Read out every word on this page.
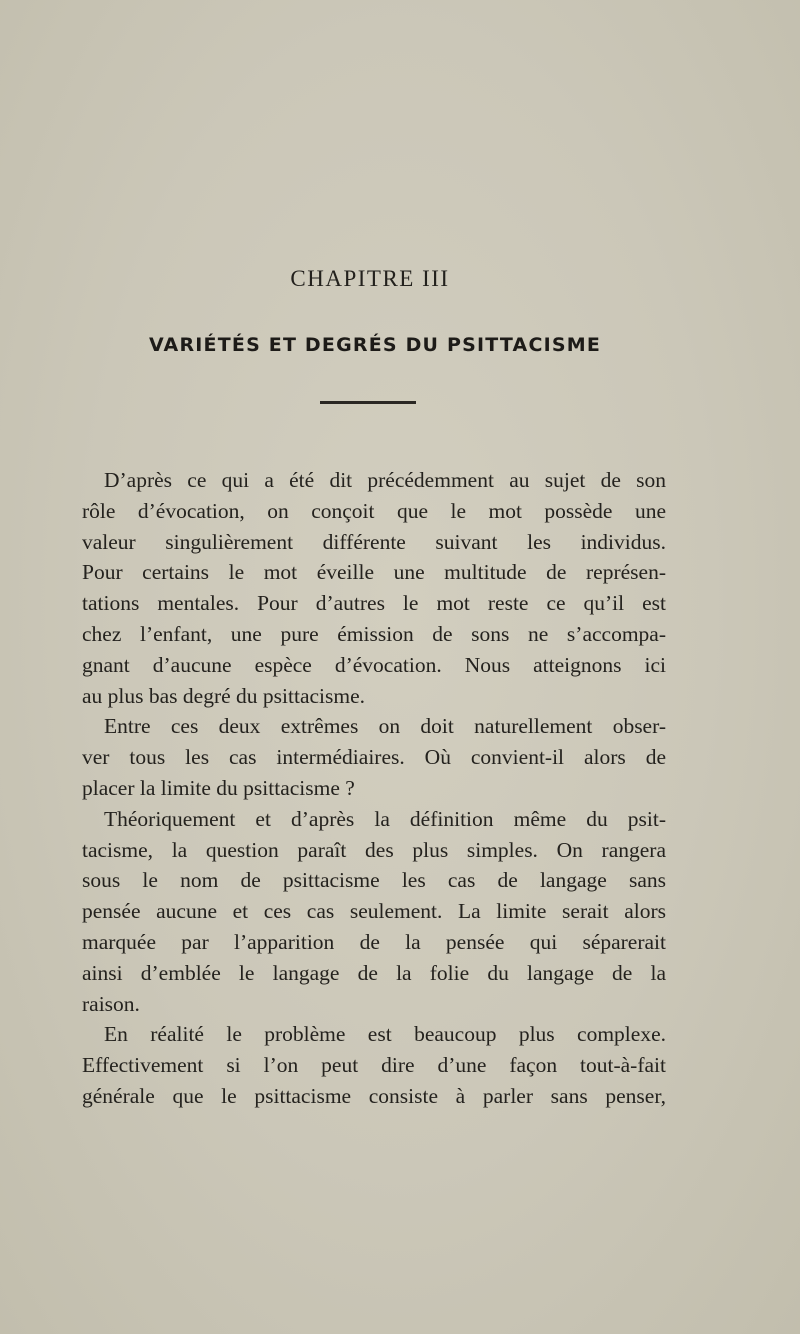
CHAPITRE III
VARIÉTÉS ET DEGRÉS DU PSITTACISME
D’après ce qui a été dit précédemment au sujet de son
rôle d’évocation, on conçoit que le mot possède une
valeur singulièrement différente suivant les individus.
Pour certains le mot éveille une multitude de représen-
tations mentales. Pour d’autres le mot reste ce qu’il est
chez l’enfant, une pure émission de sons ne s’accompa-
gnant d’aucune espèce d’évocation. Nous atteignons ici
au plus bas degré du psittacisme.
Entre ces deux extrêmes on doit naturellement obser-
ver tous les cas intermédiaires. Où convient-il alors de
placer la limite du psittacisme ?
Théoriquement et d’après la définition même du psit-
tacisme, la question paraît des plus simples. On rangera
sous le nom de psittacisme les cas de langage sans
pensée aucune et ces cas seulement. La limite serait alors
marquée par l’apparition de la pensée qui séparerait
ainsi d’emblée le langage de la folie du langage de la
raison.
En réalité le problème est beaucoup plus complexe.
Effectivement si l’on peut dire d’une façon tout-à-fait
générale que le psittacisme consiste à parler sans penser,
